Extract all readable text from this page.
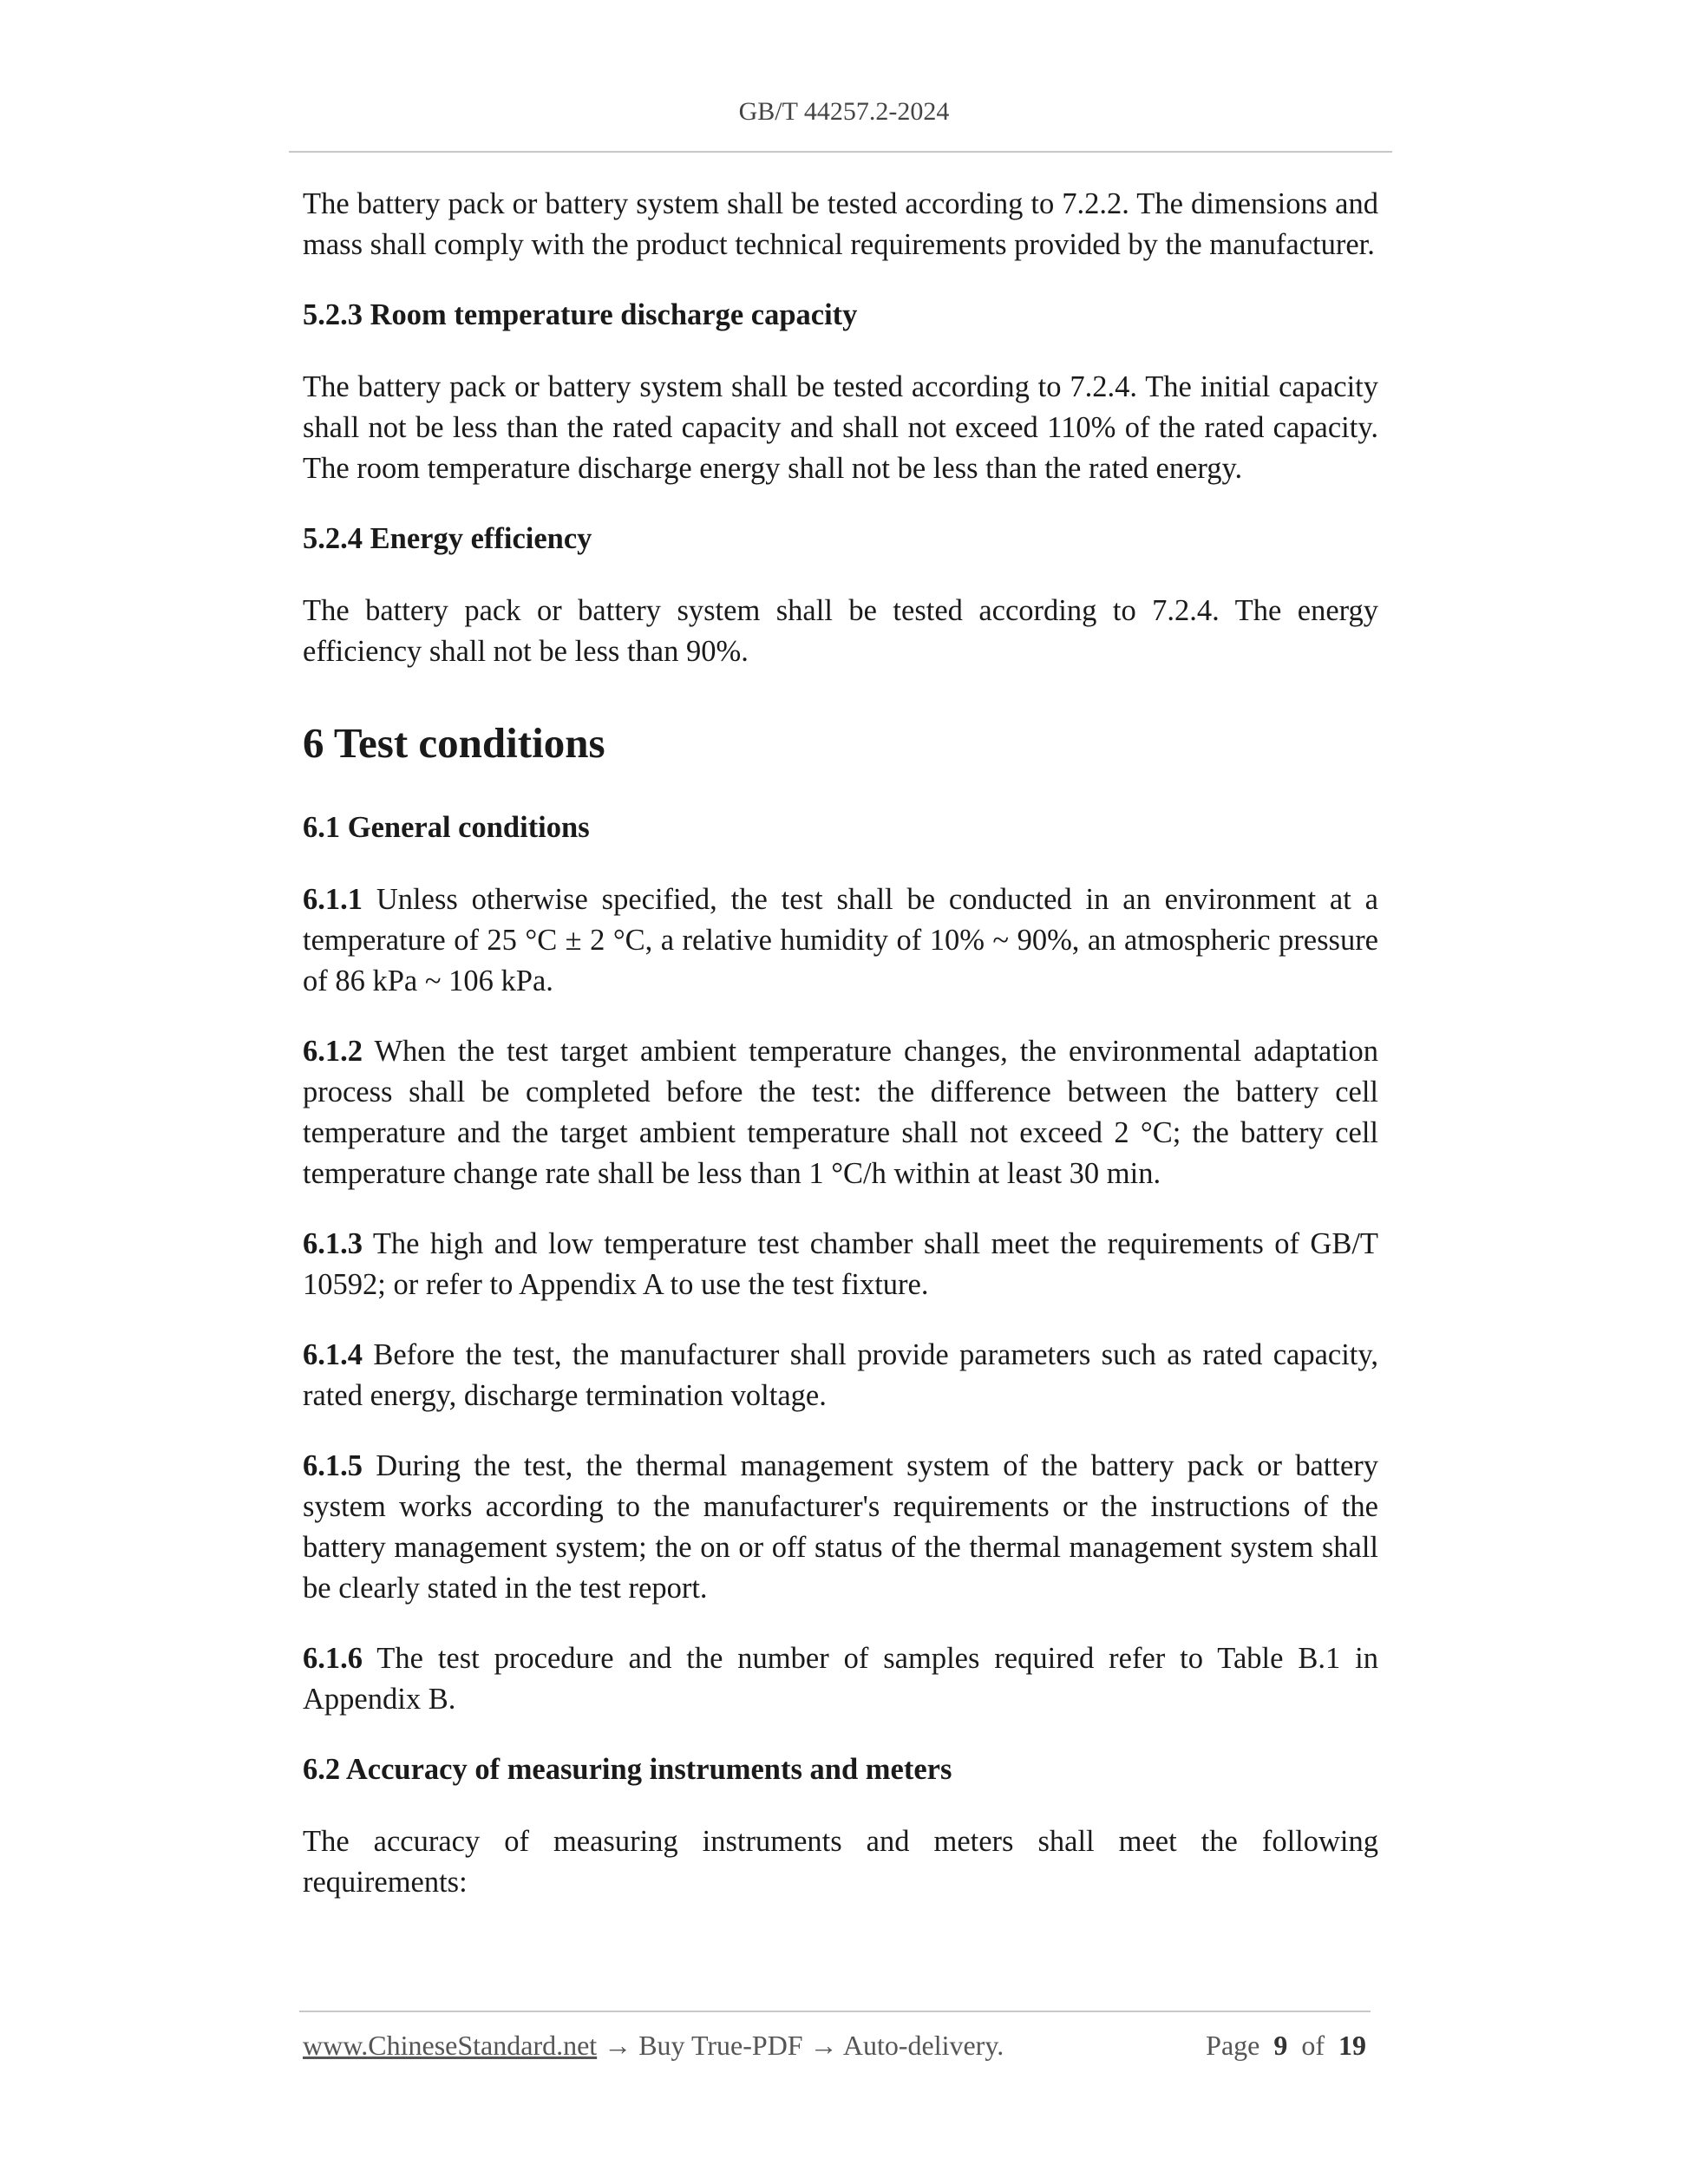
GB/T 44257.2-2024

The battery pack or battery system shall be tested according to 7.2.2. The dimensions and mass shall comply with the product technical requirements provided by the manufacturer.

5.2.3 Room temperature discharge capacity

The battery pack or battery system shall be tested according to 7.2.4. The initial capacity shall not be less than the rated capacity and shall not exceed 110% of the rated capacity. The room temperature discharge energy shall not be less than the rated energy.

5.2.4 Energy efficiency

The battery pack or battery system shall be tested according to 7.2.4. The energy efficiency shall not be less than 90%.

6 Test conditions
6.1 General conditions

6.1.1 Unless otherwise specified, the test shall be conducted in an environment at a temperature of 25 °C ± 2 °C, a relative humidity of 10% ~ 90%, an atmospheric pressure of 86 kPa ~ 106 kPa.

6.1.2 When the test target ambient temperature changes, the environmental adaptation process shall be completed before the test: the difference between the battery cell temperature and the target ambient temperature shall not exceed 2 °C; the battery cell temperature change rate shall be less than 1 °C/h within at least 30 min.

6.1.3 The high and low temperature test chamber shall meet the requirements of GB/T 10592; or refer to Appendix A to use the test fixture.

6.1.4 Before the test, the manufacturer shall provide parameters such as rated capacity, rated energy, discharge termination voltage.

6.1.5 During the test, the thermal management system of the battery pack or battery system works according to the manufacturer's requirements or the instructions of the battery management system; the on or off status of the thermal management system shall be clearly stated in the test report.

6.1.6 The test procedure and the number of samples required refer to Table B.1 in Appendix B.

6.2 Accuracy of measuring instruments and meters

The accuracy of measuring instruments and meters shall meet the following requirements:

www.ChineseStandard.net → Buy True-PDF → Auto-delivery.	Page 9 of 19
